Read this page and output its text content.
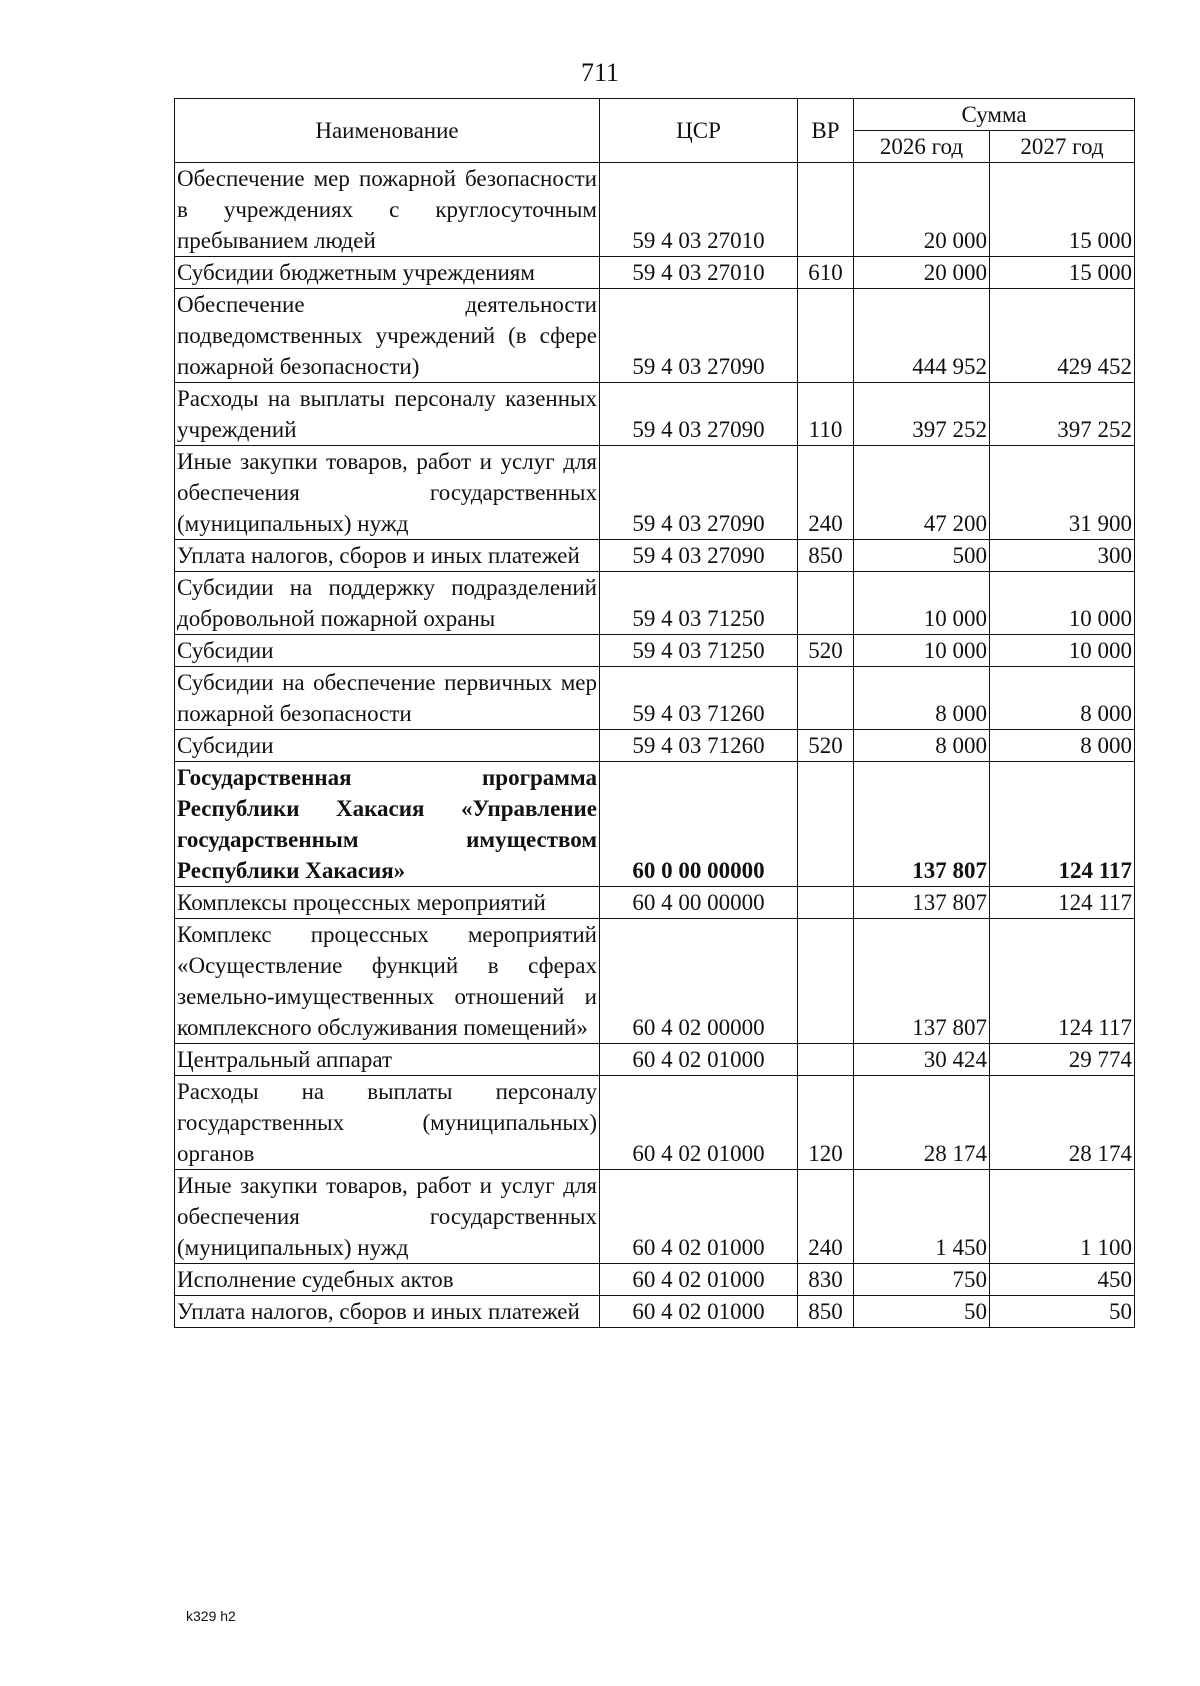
711
Наименование	ЦСР	ВР	Сумма	
			2026 год	2027 год
Обеспечение мер пожарной безопасности в учреждениях с круглосуточным пребыванием людей	59 4 03 27010		20 000	15 000
Субсидии бюджетным учреждениям	59 4 03 27010	610	20 000	15 000
Обеспечение деятельности подведомственных учреждений (в сфере пожарной безопасности)	59 4 03 27090		444 952	429 452
Расходы на выплаты персоналу казенных учреждений	59 4 03 27090	110	397 252	397 252
Иные закупки товаров, работ и услуг для обеспечения государственных (муниципальных) нужд	59 4 03 27090	240	47 200	31 900
Уплата налогов, сборов и иных платежей	59 4 03 27090	850	500	300
Субсидии на поддержку подразделений добровольной пожарной охраны	59 4 03 71250		10 000	10 000
Субсидии	59 4 03 71250	520	10 000	10 000
Субсидии на обеспечение первичных мер пожарной безопасности	59 4 03 71260		8 000	8 000
Субсидии	59 4 03 71260	520	8 000	8 000
Государственная программа Республики Хакасия «Управление государственным имуществом Республики Хакасия»	60 0 00 00000		137 807	124 117
Комплексы процессных мероприятий	60 4 00 00000		137 807	124 117
Комплекс процессных мероприятий «Осуществление функций в сферах земельно-имущественных отношений и комплексного обслуживания помещений»	60 4 02 00000		137 807	124 117
Центральный аппарат	60 4 02 01000		30 424	29 774
Расходы на выплаты персоналу государственных (муниципальных) органов	60 4 02 01000	120	28 174	28 174
Иные закупки товаров, работ и услуг для обеспечения государственных (муниципальных) нужд	60 4 02 01000	240	1 450	1 100
Исполнение судебных актов	60 4 02 01000	830	750	450
Уплата налогов, сборов и иных платежей	60 4 02 01000	850	50	50
k329 h2
